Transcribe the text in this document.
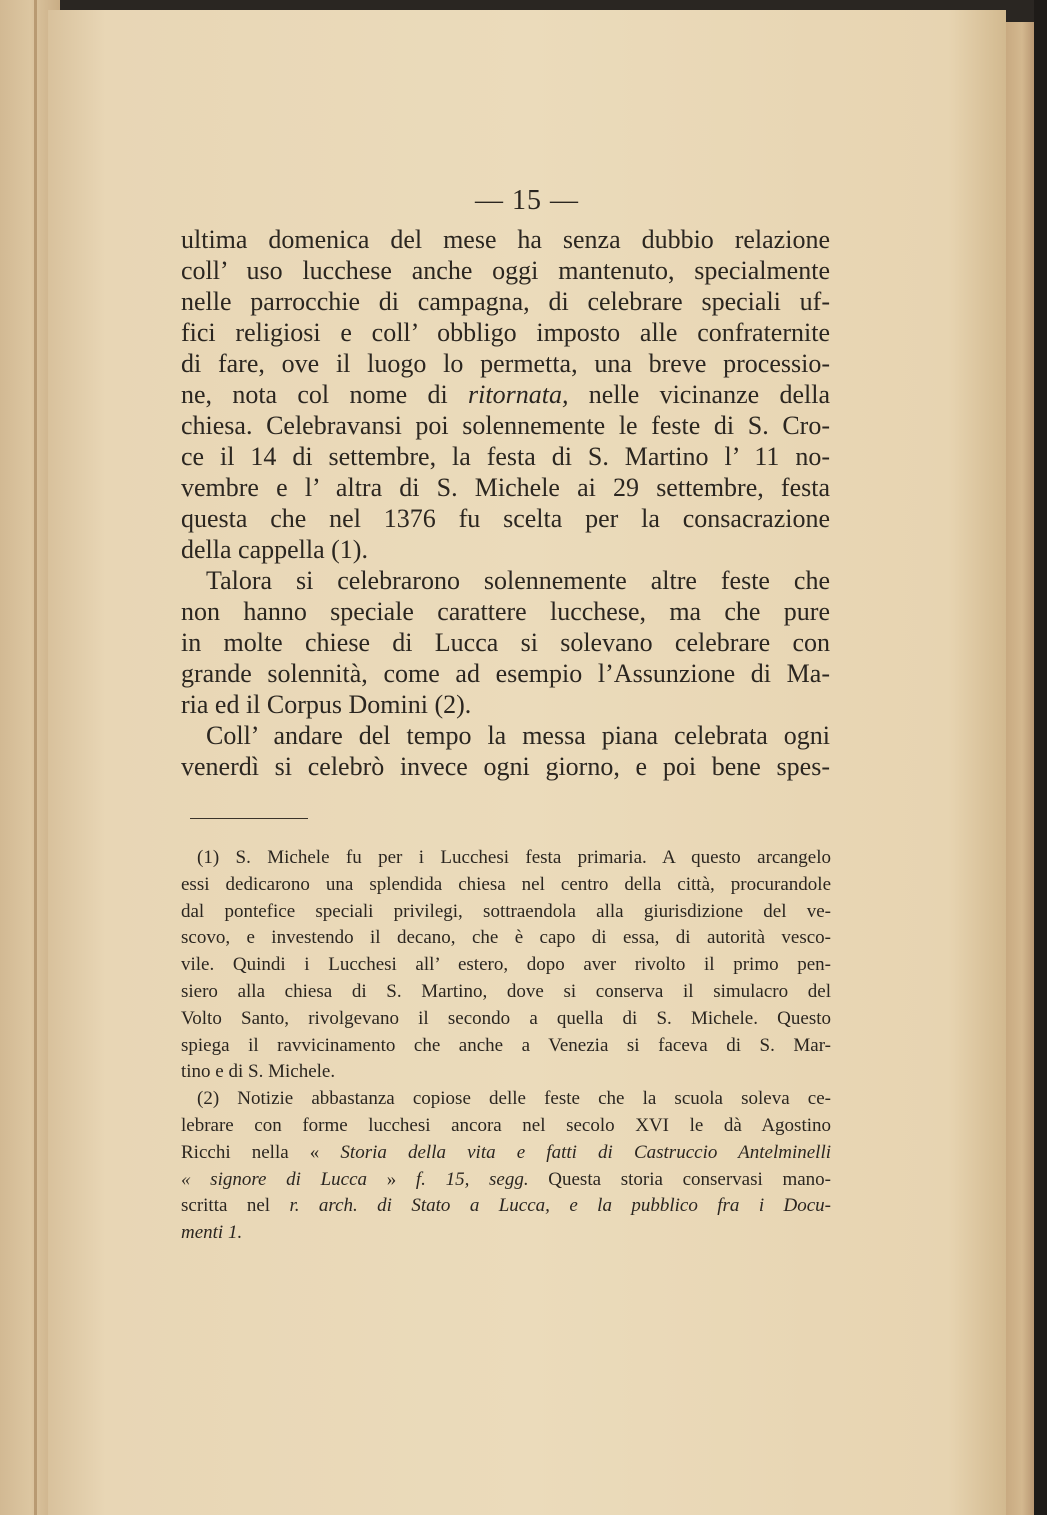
— 15 —
ultima domenica del mese ha senza dubbio relazione
coll’ uso lucchese anche oggi mantenuto, specialmente
nelle parrocchie di campagna, di celebrare speciali uf-
fici religiosi e coll’ obbligo imposto alle confraternite
di fare, ove il luogo lo permetta, una breve processio-
ne, nota col nome di ritornata, nelle vicinanze della
chiesa. Celebravansi poi solennemente le feste di S. Cro-
ce il 14 di settembre, la festa di S. Martino l’ 11 no-
vembre e l’ altra di S. Michele ai 29 settembre, festa
questa che nel 1376 fu scelta per la consacrazione
della cappella (1).
Talora si celebrarono solennemente altre feste che
non hanno speciale carattere lucchese, ma che pure
in molte chiese di Lucca si solevano celebrare con
grande solennità, come ad esempio l’Assunzione di Ma-
ria ed il Corpus Domini (2).
Coll’ andare del tempo la messa piana celebrata ogni
venerdì si celebrò invece ogni giorno, e poi bene spes-
(1) S. Michele fu per i Lucchesi festa primaria. A questo arcangelo
essi dedicarono una splendida chiesa nel centro della città, procurandole
dal pontefice speciali privilegi, sottraendola alla giurisdizione del ve-
scovo, e investendo il decano, che è capo di essa, di autorità vesco-
vile. Quindi i Lucchesi all’ estero, dopo aver rivolto il primo pen-
siero alla chiesa di S. Martino, dove si conserva il simulacro del
Volto Santo, rivolgevano il secondo a quella di S. Michele. Questo
spiega il ravvicinamento che anche a Venezia si faceva di S. Mar-
tino e di S. Michele.
(2) Notizie abbastanza copiose delle feste che la scuola soleva ce-
lebrare con forme lucchesi ancora nel secolo XVI le dà Agostino
Ricchi nella « Storia della vita e fatti di Castruccio Antelminelli
« signore di Lucca » f. 15, segg. Questa storia conservasi mano-
scritta nel r. arch. di Stato a Lucca, e la pubblico fra i Docu-
menti 1.
